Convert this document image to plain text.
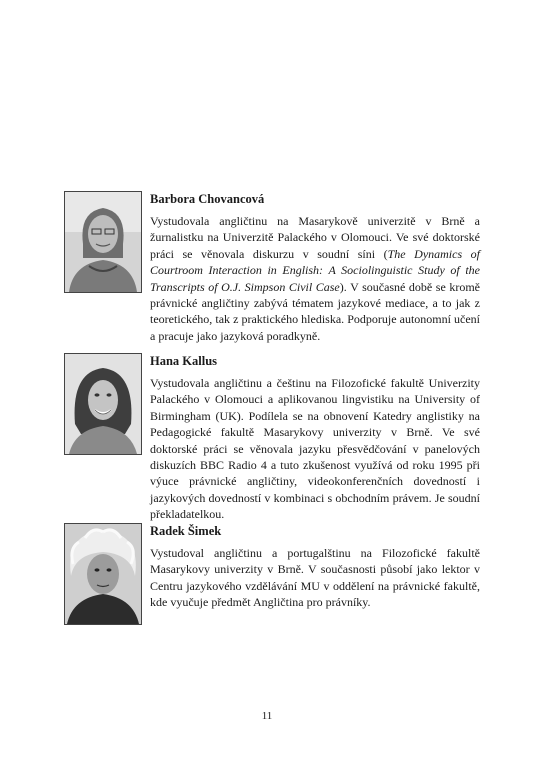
Barbora Chovancová

Vystudovala angličtinu na Masarykově univerzitě v Brně a žurnalistku na Univerzitě Palackého v Olomouci. Ve své doktorské práci se věnovala diskurzu v soudní síni (The Dynamics of Courtroom Interaction in English: A Sociolinguistic Study of the Transcripts of O.J. Simpson Civil Case). V současné době se kromě právnické angličtiny zabývá tématem jazykové mediace, a to jak z teoretického, tak z praktického hlediska. Podporuje autonomní učení a pracuje jako jazyková poradkyně.

Hana Kallus

Vystudovala angličtinu a češtinu na Filozofické fakultě Univerzity Palackého v Olomouci a aplikovanou lingvistiku na University of Birmingham (UK). Podílela se na obnovení Katedry anglistiky na Pedagogické fakultě Masarykovy univerzity v Brně. Ve své doktorské práci se věnovala jazyku přesvědčování v panelových diskuzích BBC Radio 4 a tuto zkušenost využívá od roku 1995 při výuce právnické angličtiny, videokonferenčních dovedností i jazykových dovedností v kombinaci s obchodním právem. Je soudní překladatelkou.

Radek Šimek

Vystudoval angličtinu a portugalštinu na Filozofické fakultě Masarykovy univerzity v Brně. V současnosti působí jako lektor v Centru jazykového vzdělávání MU v oddělení na právnické fakultě, kde vyučuje předmět Angličtina pro právníky.

11
